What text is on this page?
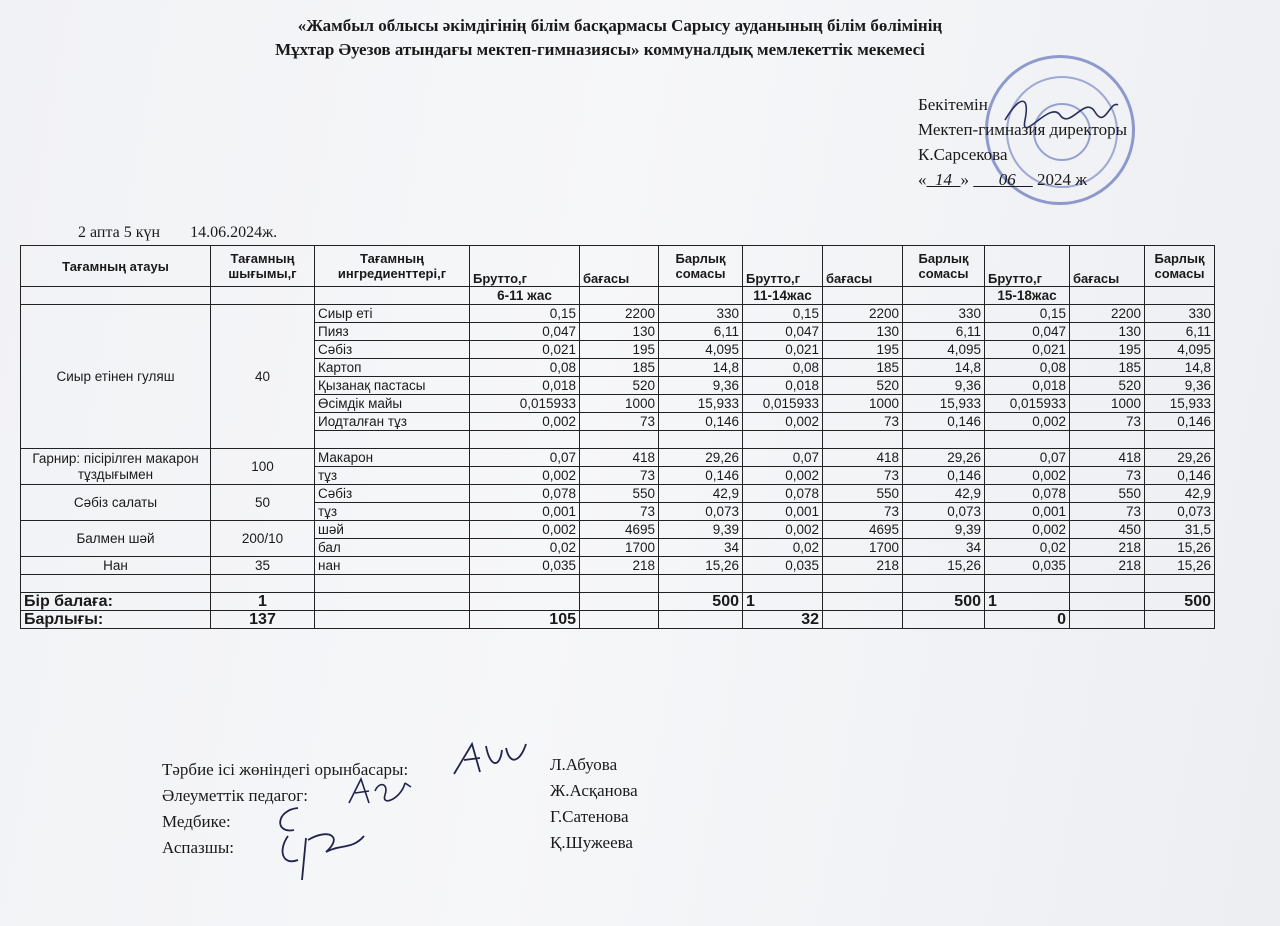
«Жамбыл облысы әкімдігінің білім басқармасы Сарысу ауданының білім бөлімінің
Мұхтар Әуезов атындағы мектеп-гимназиясы» коммуналдық мемлекеттік мекемесі
Бекітемін
Мектеп-гимназия директоры
К.Сарсекова
« 14 »       06 2024 ж
2 апта 5 күн 14.06.2024ж.
Тағамның атауы	Тағамның шығымы,г	Тағамның ингредиенттері,г	Брутто,г	бағасы	Барлық сомасы	Брутто,г	бағасы	Барлық сомасы	Брутто,г	бағасы	Барлық сомасы
			6-11 жас			11-14жас			15-18жас		
Сиыр етінен гуляш	40	Сиыр еті	0,15	2200	330	0,15	2200	330	0,15	2200	330
		Пияз	0,047	130	6,11	0,047	130	6,11	0,047	130	6,11
		Сәбіз	0,021	195	4,095	0,021	195	4,095	0,021	195	4,095
		Картоп	0,08	185	14,8	0,08	185	14,8	0,08	185	14,8
		Қызанақ пастасы	0,018	520	9,36	0,018	520	9,36	0,018	520	9,36
		Өсімдік майы	0,015933	1000	15,933	0,015933	1000	15,933	0,015933	1000	15,933
		Иодталған тұз	0,002	73	0,146	0,002	73	0,146	0,002	73	0,146

Гарнир: пісірілген макарон тұздығымен	100	Макарон	0,07	418	29,26	0,07	418	29,26	0,07	418	29,26
		тұз	0,002	73	0,146	0,002	73	0,146	0,002	73	0,146
Сәбіз салаты	50	Сәбіз	0,078	550	42,9	0,078	550	42,9	0,078	550	42,9
		тұз	0,001	73	0,073	0,001	73	0,073	0,001	73	0,073
Балмен шәй	200/10	шәй	0,002	4695	9,39	0,002	4695	9,39	0,002	450	31,5
		бал	0,02	1700	34	0,02	1700	34	0,02	218	15,26
Нан	35	нан	0,035	218	15,26	0,035	218	15,26	0,035	218	15,26

Бір балаға:	1				500	1		500	1		500
Барлығы:	137		105			32			0		
Тәрбие ісі жөніндегі орынбасары:
Әлеуметтік педагог:
Медбике:
Аспазшы:
Л.Абуова
Ж.Асқанова
Г.Сатенова
Қ.Шужеева
